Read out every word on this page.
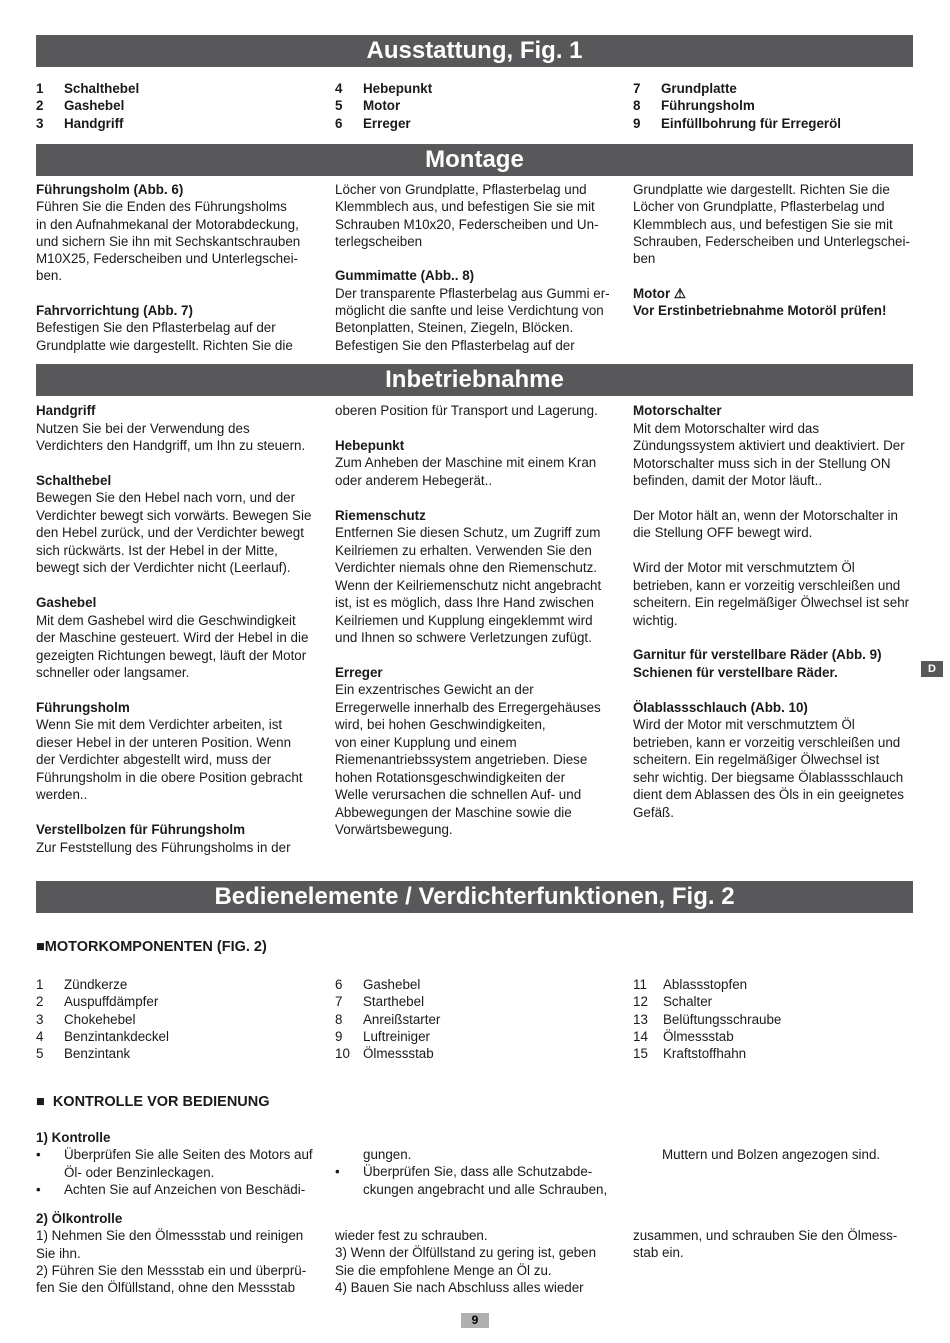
Ausstattung, Fig. 1
1	Schalthebel
2	Gashebel
3	Handgriff
4	Hebepunkt
5	Motor
6	Erreger
7	Grundplatte
8	Führungsholm
9	Einfüllbohrung für Erregeröl
Montage

Führungsholm (Abb. 6)

Führen Sie die Enden des Führungsholms

in den Aufnahmekanal der Motorabdeckung,

und sichern Sie ihn mit Sechskantschrauben

M10X25, Federscheiben und Unterlegschei-

ben.

Fahrvorrichtung (Abb. 7)

Befestigen Sie den Pflasterbelag auf der

Grundplatte wie dargestellt. Richten Sie die

Löcher von Grundplatte, Pflasterbelag und

Klemmblech aus, und befestigen Sie sie mit

Schrauben M10x20, Federscheiben und Un-

terlegscheiben

Gummimatte (Abb.. 8)

Der transparente Pflasterbelag aus Gummi er-

möglicht die sanfte und leise Verdichtung von

Betonplatten, Steinen, Ziegeln, Blöcken.

Befestigen Sie den Pflasterbelag auf der

Grundplatte wie dargestellt. Richten Sie die

Löcher von Grundplatte, Pflasterbelag und

Klemmblech aus, und befestigen Sie sie mit

Schrauben, Federscheiben und Unterlegschei-

ben

Motor ⚠

Vor Erstinbetriebnahme Motoröl prüfen!

Inbetriebnahme

Handgriff

Nutzen Sie bei der Verwendung des

Verdichters den Handgriff, um Ihn zu steuern.

Schalthebel

Bewegen Sie den Hebel nach vorn, und der

Verdichter bewegt sich vorwärts. Bewegen Sie

den Hebel zurück, und der Verdichter bewegt

sich rückwärts. Ist der Hebel in der Mitte,

bewegt sich der Verdichter nicht (Leerlauf).

Gashebel

Mit dem Gashebel wird die Geschwindigkeit

der Maschine gesteuert. Wird der Hebel in die

gezeigten Richtungen bewegt, läuft der Motor

schneller oder langsamer.

Führungsholm

Wenn Sie mit dem Verdichter arbeiten, ist

dieser Hebel in der unteren Position. Wenn

der Verdichter abgestellt wird, muss der

Führungsholm in die obere Position gebracht

werden..

Verstellbolzen für Führungsholm

Zur Feststellung des Führungsholms in der

oberen Position für Transport und Lagerung.

Hebepunkt

Zum Anheben der Maschine mit einem Kran

oder anderem Hebegerät..

Riemenschutz

Entfernen Sie diesen Schutz, um Zugriff zum

Keilriemen zu erhalten. Verwenden Sie den

Verdichter niemals ohne den Riemenschutz.

Wenn der Keilriemenschutz nicht angebracht

ist, ist es möglich, dass Ihre Hand zwischen

Keilriemen und Kupplung eingeklemmt wird

und Ihnen so schwere Verletzungen zufügt.

Erreger

Ein exzentrisches Gewicht an der

Erregerwelle innerhalb des Erregergehäuses

wird, bei hohen Geschwindigkeiten,

von einer Kupplung und einem

Riemenantriebssystem angetrieben. Diese

hohen Rotationsgeschwindigkeiten der

Welle verursachen die schnellen Auf- und

Abbewegungen der Maschine sowie die

Vorwärtsbewegung.

Motorschalter

Mit dem Motorschalter wird das

Zündungssystem aktiviert und deaktiviert. Der

Motorschalter muss sich in der Stellung ON

befinden, damit der Motor läuft..

Der Motor hält an, wenn der Motorschalter in

die Stellung OFF bewegt wird.

Wird der Motor mit verschmutztem Öl

betrieben, kann er vorzeitig verschleißen und

scheitern. Ein regelmäßiger Ölwechsel ist sehr

wichtig.

Garnitur für verstellbare Räder (Abb. 9)

Schienen für verstellbare Räder.

Ölablassschlauch (Abb. 10)

Wird der Motor mit verschmutztem Öl

betrieben, kann er vorzeitig verschleißen und

scheitern. Ein regelmäßiger Ölwechsel ist

sehr wichtig. Der biegsame Ölablassschlauch

dient dem Ablassen des Öls in ein geeignetes

Gefäß.

D
Bedienelemente / Verdichterfunktionen, Fig. 2
■MOTORKOMPONENTEN (FIG. 2)
1	Zündkerze
2	Auspuffdämpfer
3	Chokehebel
4	Benzintankdeckel
5	Benzintank
6	Gashebel
7	Starthebel
8	Anreißstarter
9	Luftreiniger
10 Ölmessstab
11	Ablassstopfen
12	Schalter
13	Belüftungsschraube
14	Ölmessstab
15	Kraftstoffhahn
■ KONTROLLE VOR BEDIENUNG

1) Kontrolle

•	Überprüfen Sie alle Seiten des Motors auf
Öl- oder Benzinleckagen.
•	Achten Sie auf Anzeichen von Beschädi-
gungen.
•	Überprüfen Sie, dass alle Schutzabde-
ckungen angebracht und alle Schrauben,

Muttern und Bolzen angezogen sind.

2) Ölkontrolle

1) Nehmen Sie den Ölmessstab und reinigen

Sie ihn.

2) Führen Sie den Messstab ein und überprü-

fen Sie den Ölfüllstand, ohne den Messstab

wieder fest zu schrauben.

3) Wenn der Ölfüllstand zu gering ist, geben

Sie die empfohlene Menge an Öl zu.

4) Bauen Sie nach Abschluss alles wieder

zusammen, und schrauben Sie den Ölmess-

stab ein.

9
